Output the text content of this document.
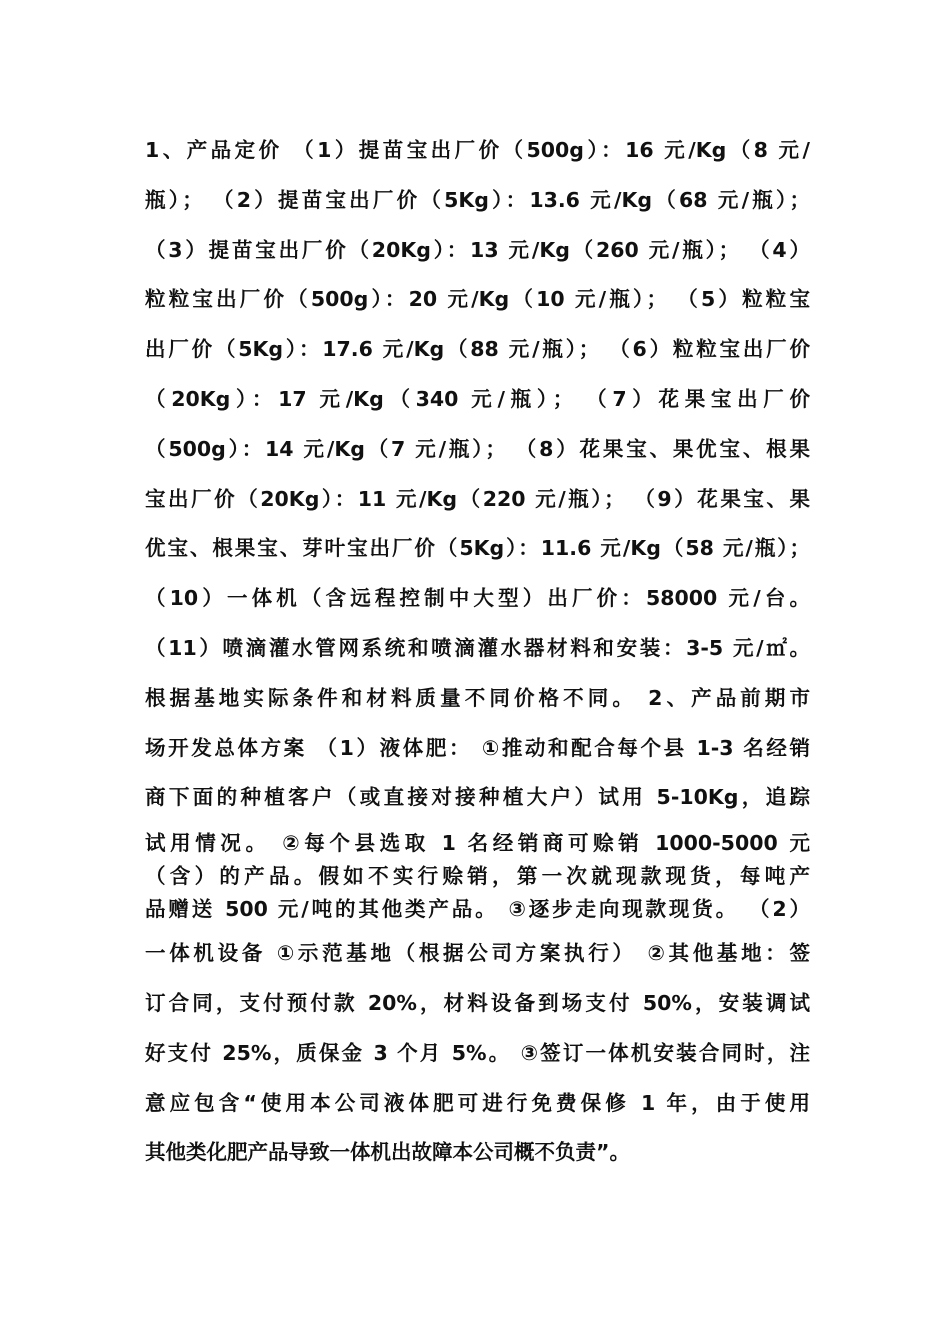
1、产品定价 （1）提苗宝出厂价（500g）：16 元/Kg（8 元/
瓶）； （2）提苗宝出厂价（5Kg）：13.6 元/Kg（68 元/瓶）；
（3）提苗宝出厂价（20Kg）：13 元/Kg（260 元/瓶）； （4）
粒粒宝出厂价（500g）：20 元/Kg（10 元/瓶）； （5）粒粒宝
出厂价（5Kg）：17.6 元/Kg（88 元/瓶）； （6）粒粒宝出厂价
（20Kg）：17 元/Kg（340 元/瓶）； （7）花果宝出厂价
（500g）：14 元/Kg（7 元/瓶）； （8）花果宝、果优宝、根果
宝出厂价（20Kg）：11 元/Kg（220 元/瓶）； （9）花果宝、果
优宝、根果宝、芽叶宝出厂价（5Kg）：11.6 元/Kg（58 元/瓶）；
（10）一体机（含远程控制中大型）出厂价：58000 元/台。
（11）喷滴灌水管网系统和喷滴灌水器材料和安装：3-5 元/㎡。
根据基地实际条件和材料质量不同价格不同。 2、产品前期市
场开发总体方案 （1）液体肥： ①推动和配合每个县 1-3 名经销
商下面的种植客户（或直接对接种植大户）试用 5-10Kg，追踪
试用情况。 ②每个县选取 1 名经销商可赊销 1000-5000 元
（含）的产品。假如不实行赊销，第一次就现款现货，每吨产
品赠送 500 元/吨的其他类产品。 ③逐步走向现款现货。 （2）
一体机设备 ①示范基地（根据公司方案执行） ②其他基地：签
订合同，支付预付款 20%，材料设备到场支付 50%，安装调试
好支付 25%，质保金 3 个月 5%。 ③签订一体机安装合同时，注
意应包含“使用本公司液体肥可进行免费保修 1 年，由于使用
其他类化肥产品导致一体机出故障本公司概不负责”。
